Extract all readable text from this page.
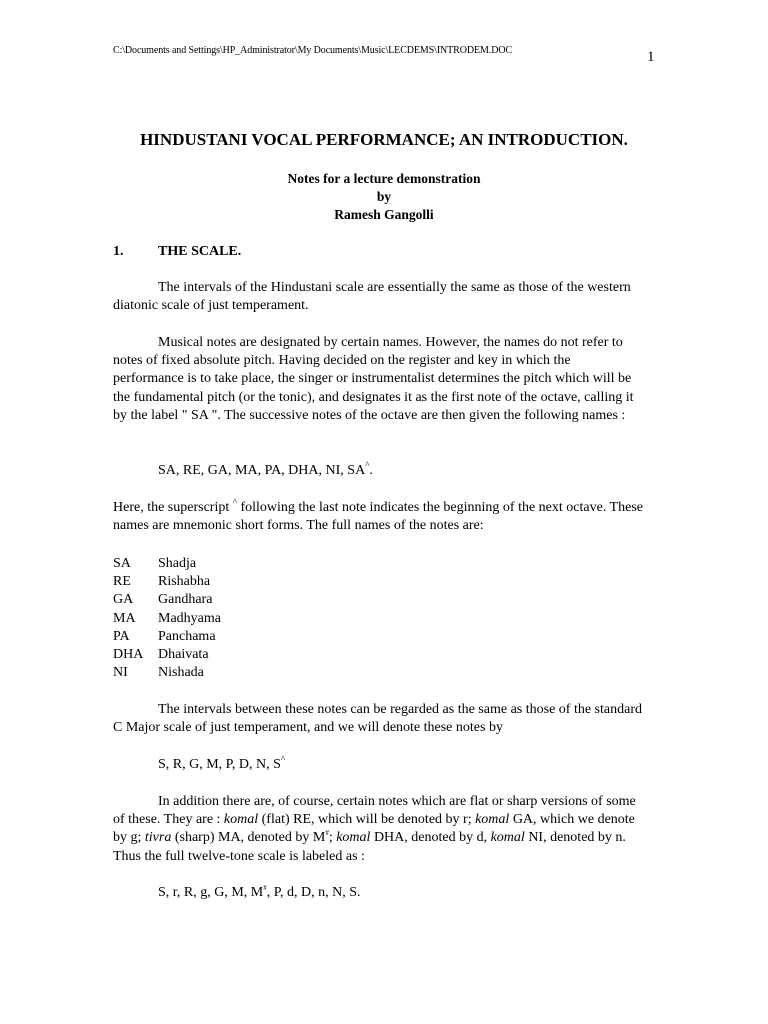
C:\Documents and Settings\HP_Administrator\My Documents\Music\LECDEMS\INTRODEM.DOC	1
HINDUSTANI VOCAL PERFORMANCE; AN INTRODUCTION.
Notes for a lecture demonstration
by
Ramesh Gangolli
1. THE SCALE.
The intervals of the Hindustani scale are essentially the same as those of the western diatonic scale of just temperament.
Musical notes are designated by certain names. However, the names do not refer to notes of fixed absolute pitch. Having decided on the register and key in which the performance is to take place, the singer or instrumentalist determines the pitch which will be the fundamental pitch (or the tonic), and designates it as the first note of the octave, calling it by the label " SA ". The successive notes of the octave are then given the following names :
SA, RE, GA, MA, PA, DHA, NI, SA^.
Here, the superscript ^ following the last note indicates the beginning of the next octave. These names are mnemonic short forms. The full names of the notes are:
SA Shadja
RE Rishabha
GA Gandhara
MA Madhyama
PA Panchama
DHA Dhaivata
NI Nishada
The intervals between these notes can be regarded as the same as those of the standard C Major scale of just temperament, and we will denote these notes by
S, R, G, M, P, D, N, S^
In addition there are, of course, certain notes which are flat or sharp versions of some of these. They are : komal (flat) RE, which will be denoted by r; komal GA, which we denote by g; tivra (sharp) MA, denoted by M#; komal DHA, denoted by d, komal NI, denoted by n. Thus the full twelve-tone scale is labeled as :
S, r, R, g, G, M, M#, P, d, D, n, N, S.
